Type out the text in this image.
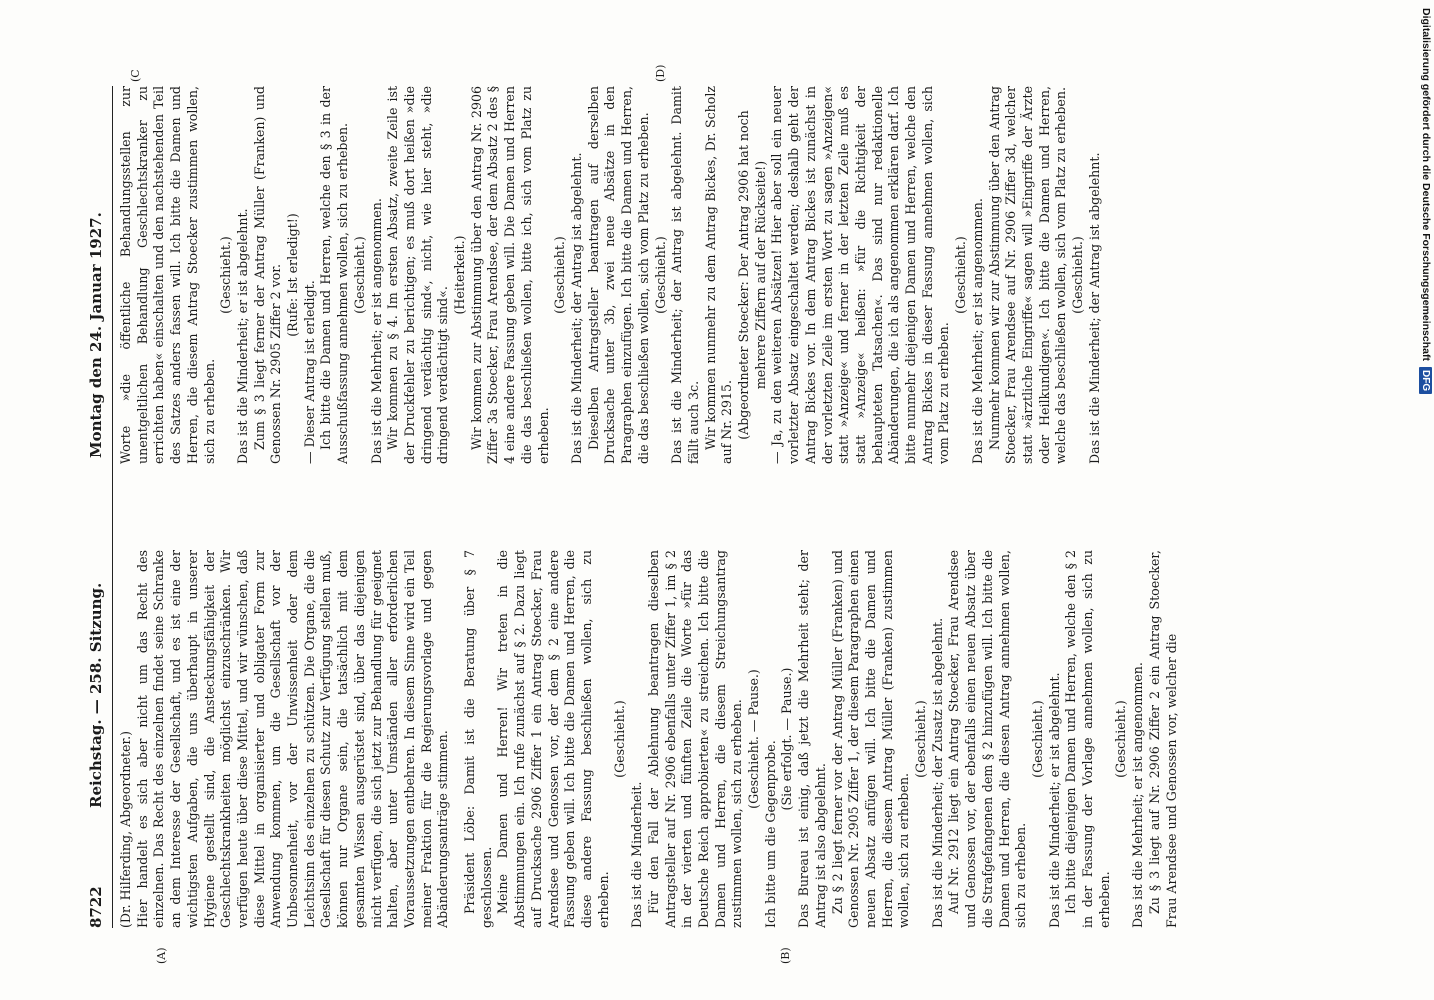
8722
Reichstag. — 258. Sitzung.
Montag den 24. Januar 1927.
(A)	(B)
(C	(D)

(Dr. Hilferding, Abgeordneter.) Hier handelt es sich aber nicht um das Recht des einzelnen. Das Recht des einzelnen findet seine Schranke an dem Interesse der Gesellschaft, und es ist eine der wichtigsten Aufgaben, die uns überhaupt in unserer Hygiene gestellt sind, die Ansteckungsfähigkeit der Geschlechtskrankheiten möglichst einzuschränken. Wir verfügen heute über diese Mittel, und wir wünschen, daß diese Mittel in organisierter und obligater Form zur Anwendung kommen, um die Gesellschaft vor der Unbesonnenheit, vor der Unwissenheit oder dem Leichtsinn des einzelnen zu schützen. Die Organe, die die Gesellschaft für diesen Schutz zur Verfügung stellen muß, können nur Organe sein, die tatsächlich mit dem gesamten Wissen ausgerüstet sind, über das diejenigen nicht verfügen, die sich jetzt zur Behandlung für geeignet halten, aber unter Umständen aller erforderlichen Voraussetzungen entbehren. In diesem Sinne wird ein Teil meiner Fraktion für die Regierungsvorlage und gegen Abänderungsanträge stimmen. Präsident Löbe: Damit ist die Beratung über § 7 geschlossen. Meine Damen und Herren! Wir treten in die Abstimmungen ein. Ich rufe zunächst auf § 2. Dazu liegt auf Drucksache 2906 Ziffer 1 ein Antrag Stoecker, Frau Arendsee und Genossen vor, der dem § 2 eine andere Fassung geben will. Ich bitte die Damen und Herren, die diese andere Fassung beschließen wollen, sich zu erheben.

(Geschieht.)

Das ist die Minderheit. Für den Fall der Ablehnung beantragen dieselben Antragsteller auf Nr. 2906 ebenfalls unter Ziffer 1, im § 2 in der vierten und fünften Zeile die Worte »für das Deutsche Reich approbierten« zu streichen. Ich bitte die Damen und Herren, die diesem Streichungsantrag zustimmen wollen, sich zu erheben. (Geschieht. — Pause.)

Ich bitte um die Gegenprobe.

(Sie erfolgt. — Pause.) Das Bureau ist einig, daß jetzt die Mehrheit steht; der Antrag ist also abgelehnt. Zu § 2 liegt ferner vor der Antrag Müller (Franken) und Genossen Nr. 2905 Ziffer 1, der diesem Paragraphen einen neuen Absatz anfügen will. Ich bitte die Damen und Herren, die diesem Antrag Müller (Franken) zustimmen wollen, sich zu erheben.

(Geschieht.) Das ist die Minderheit; der Zusatz ist abgelehnt. Auf Nr. 2912 liegt ein Antrag Stoecker, Frau Arendsee und Genossen vor, der ebenfalls einen neuen Absatz über die Strafgefangenen dem § 2 hinzufügen will. Ich bitte die Damen und Herren, die diesen Antrag annehmen wollen, sich zu erheben.

(Geschieht.) Das ist die Minderheit; er ist abgelehnt. Ich bitte diejenigen Damen und Herren, welche den § 2 in der Fassung der Vorlage annehmen wollen, sich zu erheben.

(Geschieht.) Das ist die Mehrheit; er ist angenommen. Zu § 3 liegt auf Nr. 2906 Ziffer 2 ein Antrag Stoecker, Frau Arendsee und Genossen vor, welcher die

Worte »die öffentliche Behandlungsstellen zur unentgeltlichen Behandlung Geschlechtskranker zu errichten haben« einschalten und den nachstehenden Teil des Satzes anders fassen will. Ich bitte die Damen und Herren, die diesem Antrag Stoecker zustimmen wollen, sich zu erheben.

(Geschieht.) Das ist die Minderheit; er ist abgelehnt. Zum § 3 liegt ferner der Antrag Müller (Franken) und Genossen Nr. 2905 Ziffer 2 vor. (Rufe: Ist erledigt!)

— Dieser Antrag ist erledigt. Ich bitte die Damen und Herren, welche den § 3 in der Ausschußfassung annehmen wollen, sich zu erheben. (Geschieht.) Das ist die Mehrheit; er ist angenommen. Wir kommen zu § 4. Im ersten Absatz, zweite Zeile ist der Druckfehler zu berichtigen; es muß dort heißen »die dringend verdächtig sind«, nicht, wie hier steht, »die dringend verdächtigt sind«.

(Heiterkeit.) Wir kommen zur Abstimmung über den Antrag Nr. 2906 Ziffer 3a Stoecker, Frau Arendsee, der dem Absatz 2 des § 4 eine andere Fassung geben will. Die Damen und Herren die das beschließen wollen, bitte ich, sich vom Platz zu erheben.

(Geschieht.) Das ist die Minderheit; der Antrag ist abgelehnt. Dieselben Antragsteller beantragen auf derselben Drucksache unter 3b, zwei neue Absätze in den Paragraphen einzufügen. Ich bitte die Damen und Herren, die das beschließen wollen, sich vom Platz zu erheben. (Geschieht.) Das ist die Minderheit; der Antrag ist abgelehnt. Damit fällt auch 3c. Wir kommen nunmehr zu dem Antrag Bickes, Dr. Scholz auf Nr. 2915. (Abgeordneter Stoecker: Der Antrag 2906 hat noch mehrere Ziffern auf der Rückseite!) — Ja, zu den weiteren Absätzen! Hier aber soll ein neuer vorletzter Absatz eingeschaltet werden; deshalb geht der Antrag Bickes vor. In dem Antrag Bickes ist zunächst in der vorletzten Zeile im ersten Wort zu sagen »Anzeigen« statt »Anzeige« und ferner in der letzten Zeile muß es statt »Anzeige« heißen: »für die Richtigkeit der behaupteten Tatsachen«. Das sind nur redaktionelle Abänderungen, die ich als angenommen erklären darf. Ich bitte nunmehr diejenigen Damen und Herren, welche den Antrag Bickes in dieser Fassung annehmen wollen, sich vom Platz zu erheben.

(Geschieht.) Das ist die Mehrheit; er ist angenommen. Nunmehr kommen wir zur Abstimmung über den Antrag Stoecker, Frau Arendsee auf Nr. 2906 Ziffer 3d, welcher statt »ärztliche Eingriffe« sagen will »Eingriffe der Ärzte oder Heilkundigen«. Ich bitte die Damen und Herren, welche das beschließen wollen, sich vom Platz zu erheben. (Geschieht.) Das ist die Minderheit; der Antrag ist abgelehnt.	Digitalisierung gefördert durch die Deutsche Forschungsgemeinschaft
DFG
